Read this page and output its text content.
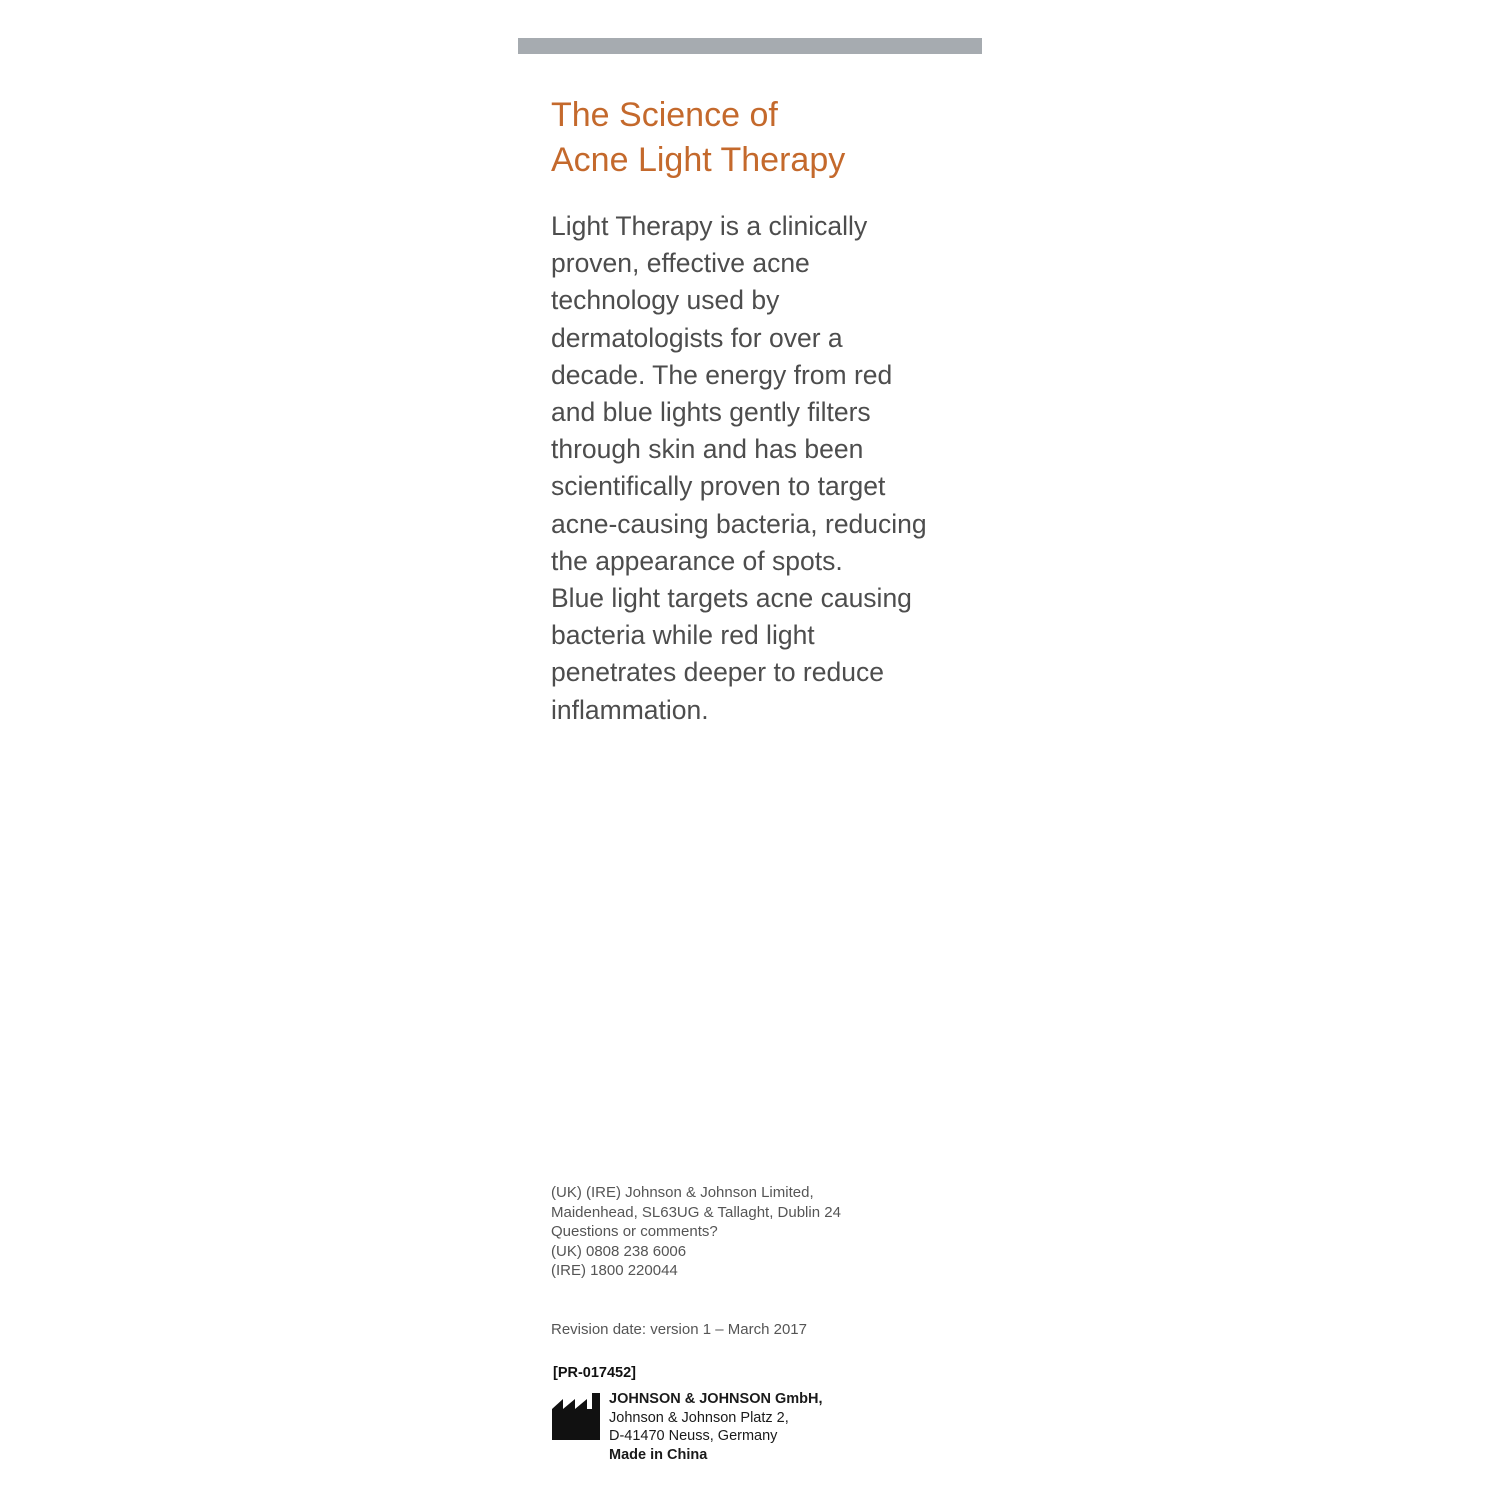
The Science of
Acne Light Therapy
Light Therapy is a clinically
proven, effective acne
technology used by
dermatologists for over a
decade. The energy from red
and blue lights gently filters
through skin and has been
scientifically proven to target
acne-causing bacteria, reducing
the appearance of spots.
Blue light targets acne causing
bacteria while red light
penetrates deeper to reduce
inflammation.
(UK) (IRE) Johnson & Johnson Limited,
Maidenhead, SL63UG & Tallaght, Dublin 24
Questions or comments?
(UK) 0808 238 6006
(IRE) 1800 220044
Revision date: version 1 – March 2017
[PR-017452]
JOHNSON & JOHNSON GmbH,
Johnson & Johnson Platz 2,
D-41470 Neuss, Germany
Made in China
